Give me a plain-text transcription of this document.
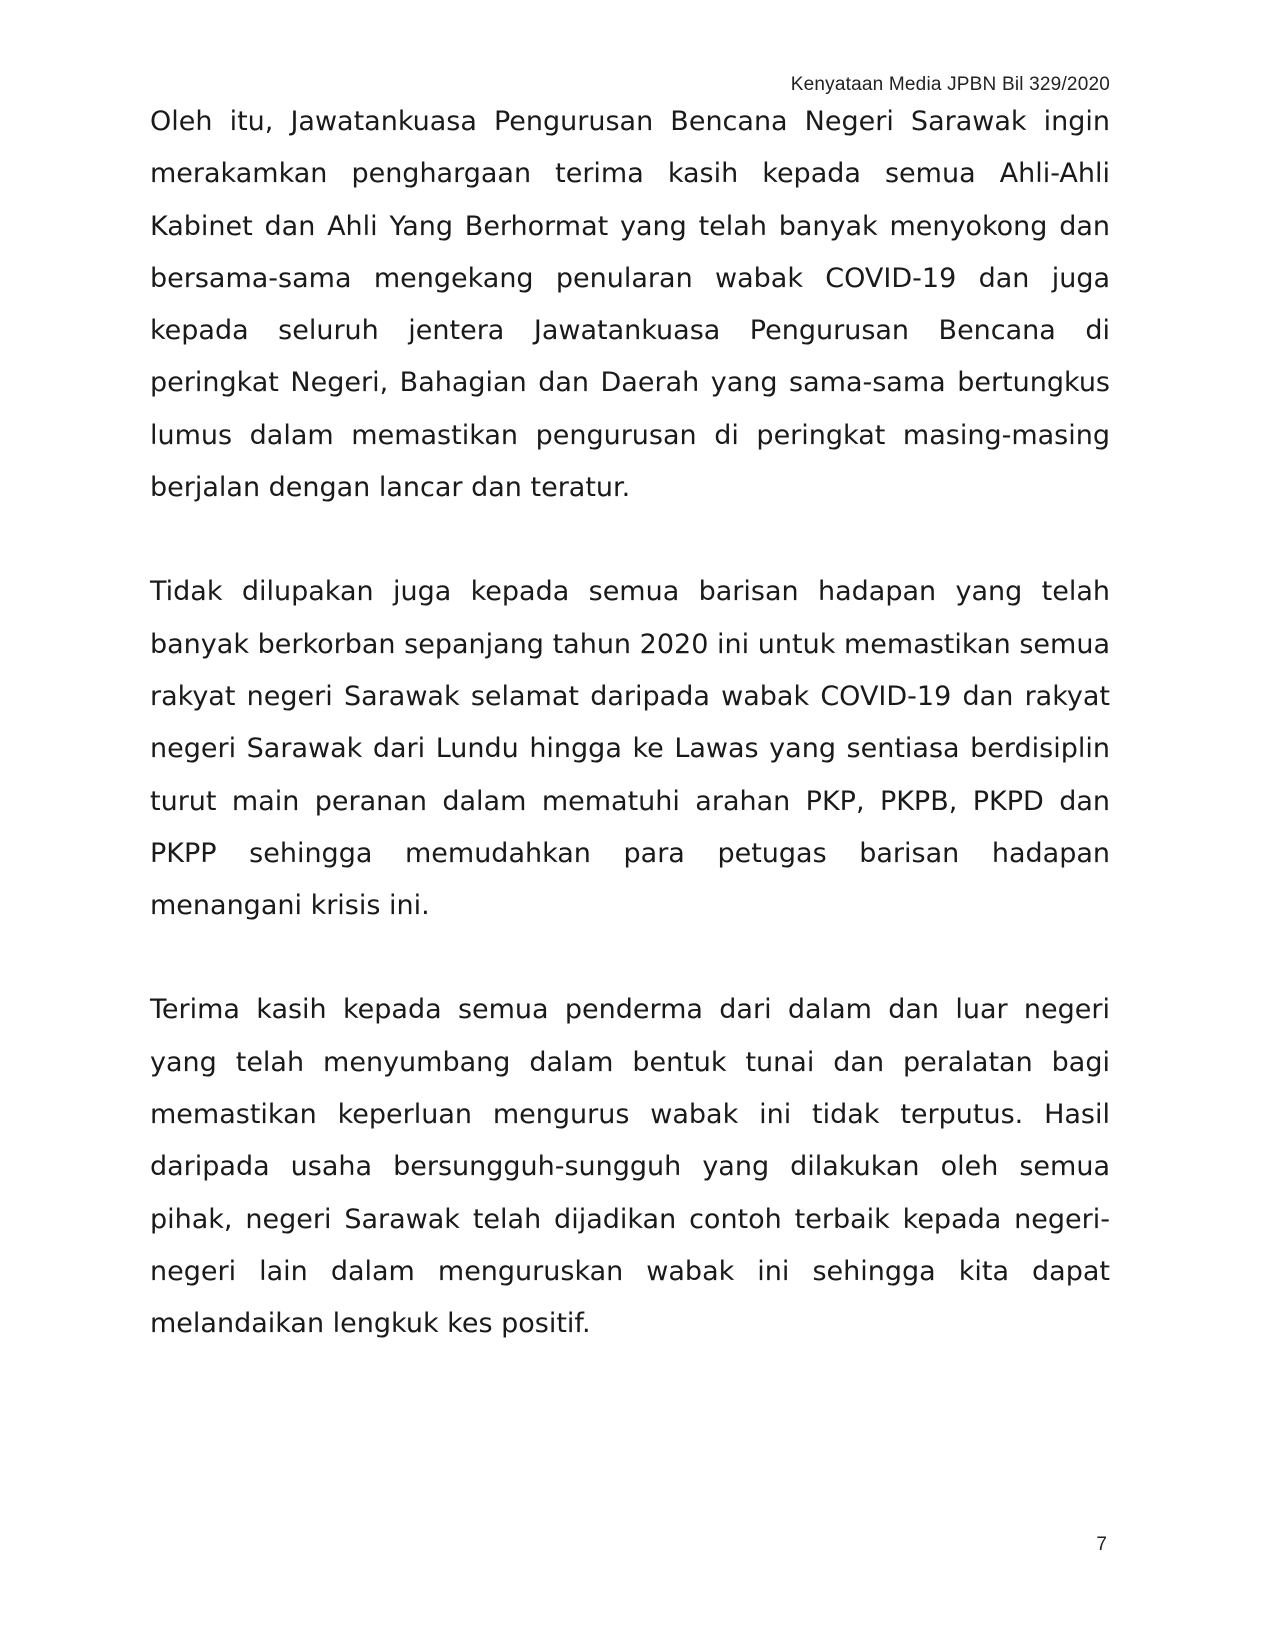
Kenyataan Media JPBN Bil 329/2020

Oleh itu, Jawatankuasa Pengurusan Bencana Negeri Sarawak ingin merakamkan penghargaan terima kasih kepada semua Ahli-Ahli Kabinet dan Ahli Yang Berhormat yang telah banyak menyokong dan bersama-sama mengekang penularan wabak COVID-19 dan juga kepada seluruh jentera Jawatankuasa Pengurusan Bencana di peringkat Negeri, Bahagian dan Daerah yang sama-sama bertungkus lumus dalam memastikan pengurusan di peringkat masing-masing berjalan dengan lancar dan teratur.

Tidak dilupakan juga kepada semua barisan hadapan yang telah banyak berkorban sepanjang tahun 2020 ini untuk memastikan semua rakyat negeri Sarawak selamat daripada wabak COVID-19 dan rakyat negeri Sarawak dari Lundu hingga ke Lawas yang sentiasa berdisiplin turut main peranan dalam mematuhi arahan PKP, PKPB, PKPD dan PKPP sehingga memudahkan para petugas barisan hadapan menangani krisis ini.

Terima kasih kepada semua penderma dari dalam dan luar negeri yang telah menyumbang dalam bentuk tunai dan peralatan bagi memastikan keperluan mengurus wabak ini tidak terputus. Hasil daripada usaha bersungguh-sungguh yang dilakukan oleh semua pihak, negeri Sarawak telah dijadikan contoh terbaik kepada negeri-negeri lain dalam menguruskan wabak ini sehingga kita dapat melandaikan lengkuk kes positif.

7
